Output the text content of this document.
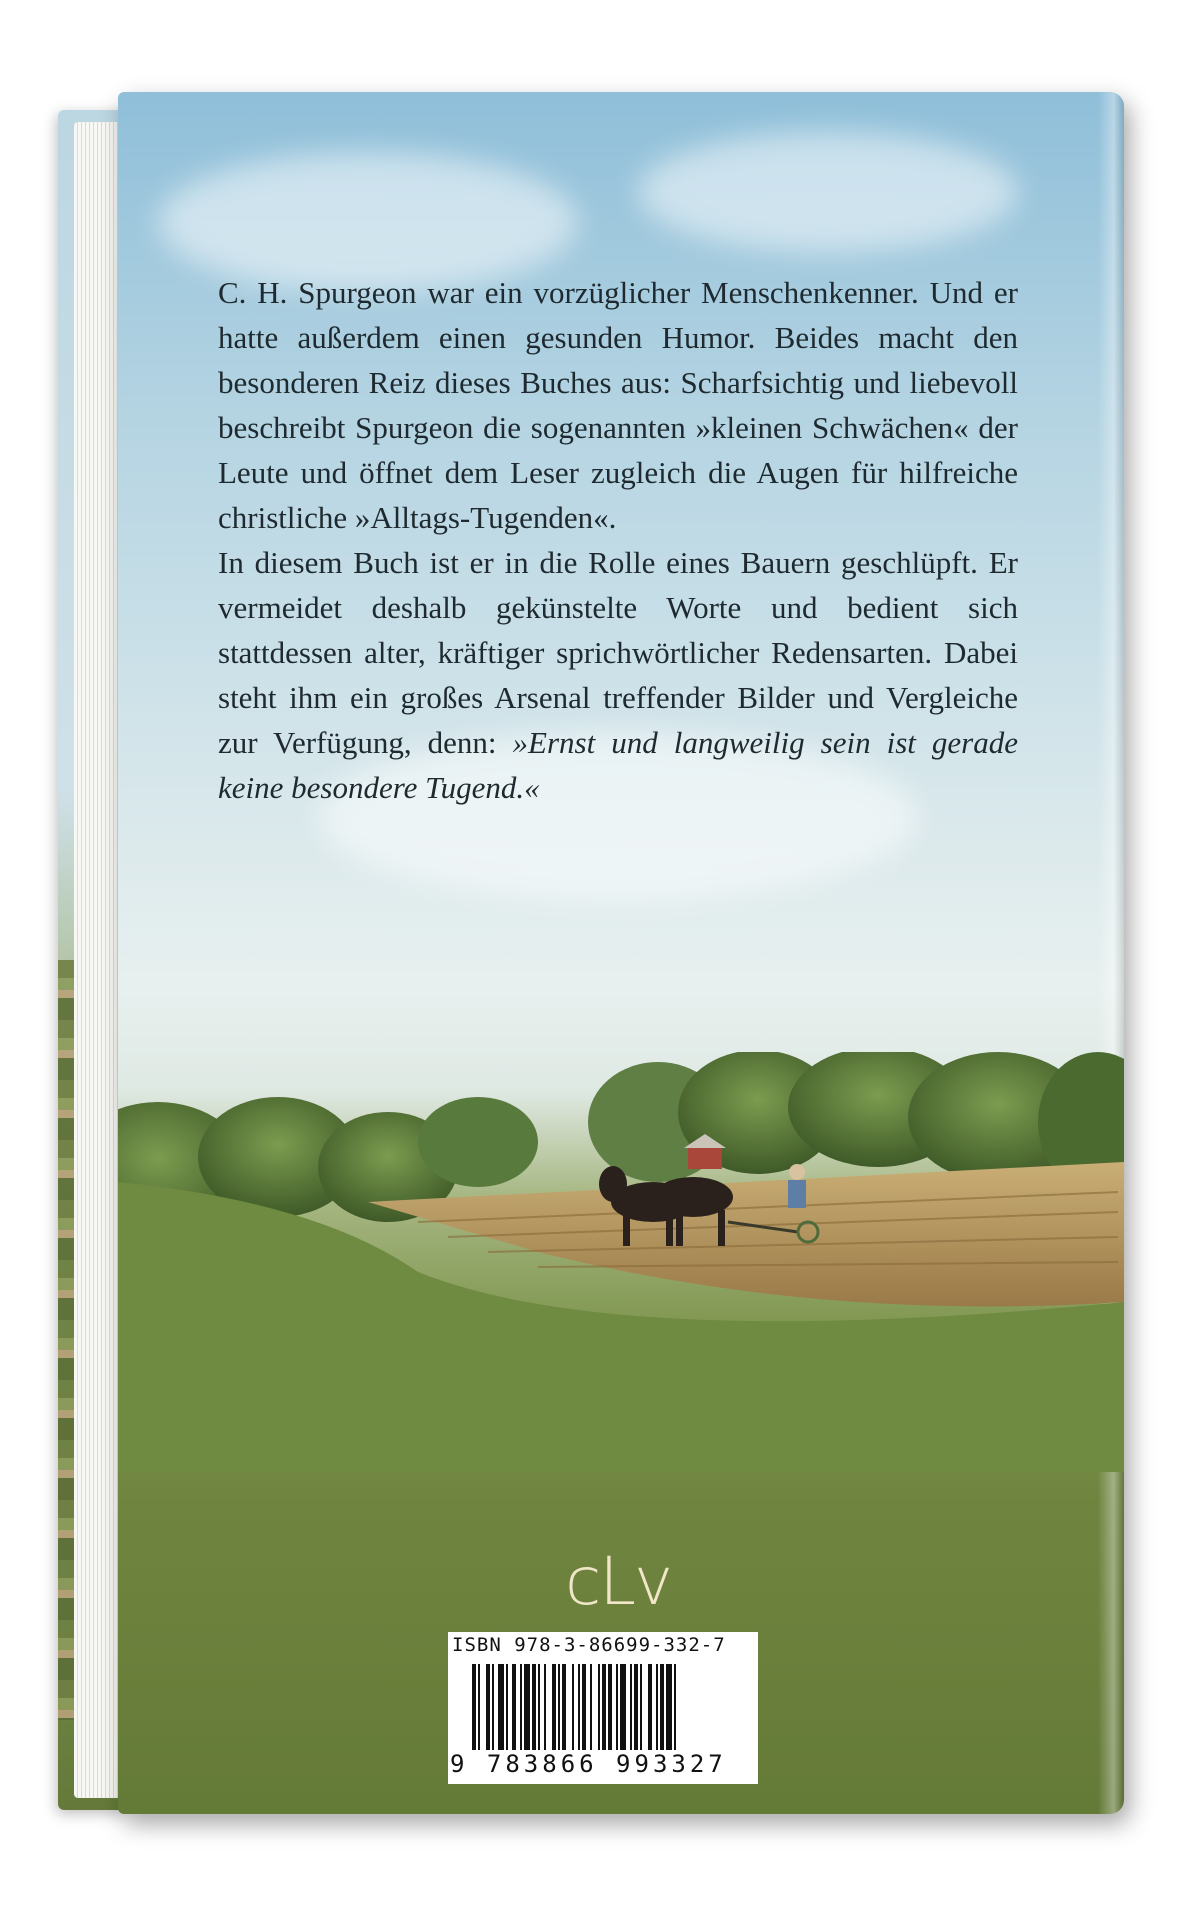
C. H. Spurgeon war ein vorzüglicher Menschenkenner. Und er hatte außerdem einen gesunden Humor. Beides macht den besonderen Reiz dieses Buches aus: Scharfsichtig und liebevoll beschreibt Spurgeon die sogenannten »kleinen Schwächen« der Leute und öffnet dem Leser zugleich die Augen für hilfreiche christliche »Alltags-Tugenden«.

In diesem Buch ist er in die Rolle eines Bauern geschlüpft. Er vermeidet deshalb gekünstelte Worte und bedient sich stattdessen alter, kräftiger sprichwörtlicher Redensarten. Dabei steht ihm ein großes Arsenal treffender Bilder und Vergleiche zur Verfügung, denn: »Ernst und langweilig sein ist gerade keine besondere Tugend.«

cLv
ISBN 978-3-86699-332-7
9 783866 993327
